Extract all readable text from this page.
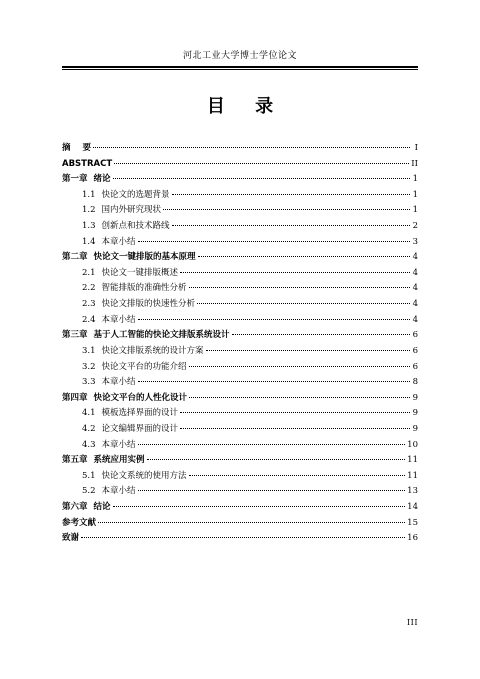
河北工业大学博士学位论文
目 录
摘 要	I
ABSTRACT	II
第一章 绪论	1
1.1 快论文的选题背景	1
1.2 国内外研究现状	1
1.3 创新点和技术路线	2
1.4 本章小结	3
第二章 快论文一键排版的基本原理	4
2.1 快论文一键排版概述	4
2.2 智能排版的准确性分析	4
2.3 快论文排版的快速性分析	4
2.4 本章小结	4
第三章 基于人工智能的快论文排版系统设计	6
3.1 快论文排版系统的设计方案	6
3.2 快论文平台的功能介绍	6
3.3 本章小结	8
第四章 快论文平台的人性化设计	9
4.1 模板选择界面的设计	9
4.2 论文编辑界面的设计	9
4.3 本章小结	10
第五章 系统应用实例	11
5.1 快论文系统的使用方法	11
5.2 本章小结	13
第六章 结论	14
参考文献	15
致谢	16
III
